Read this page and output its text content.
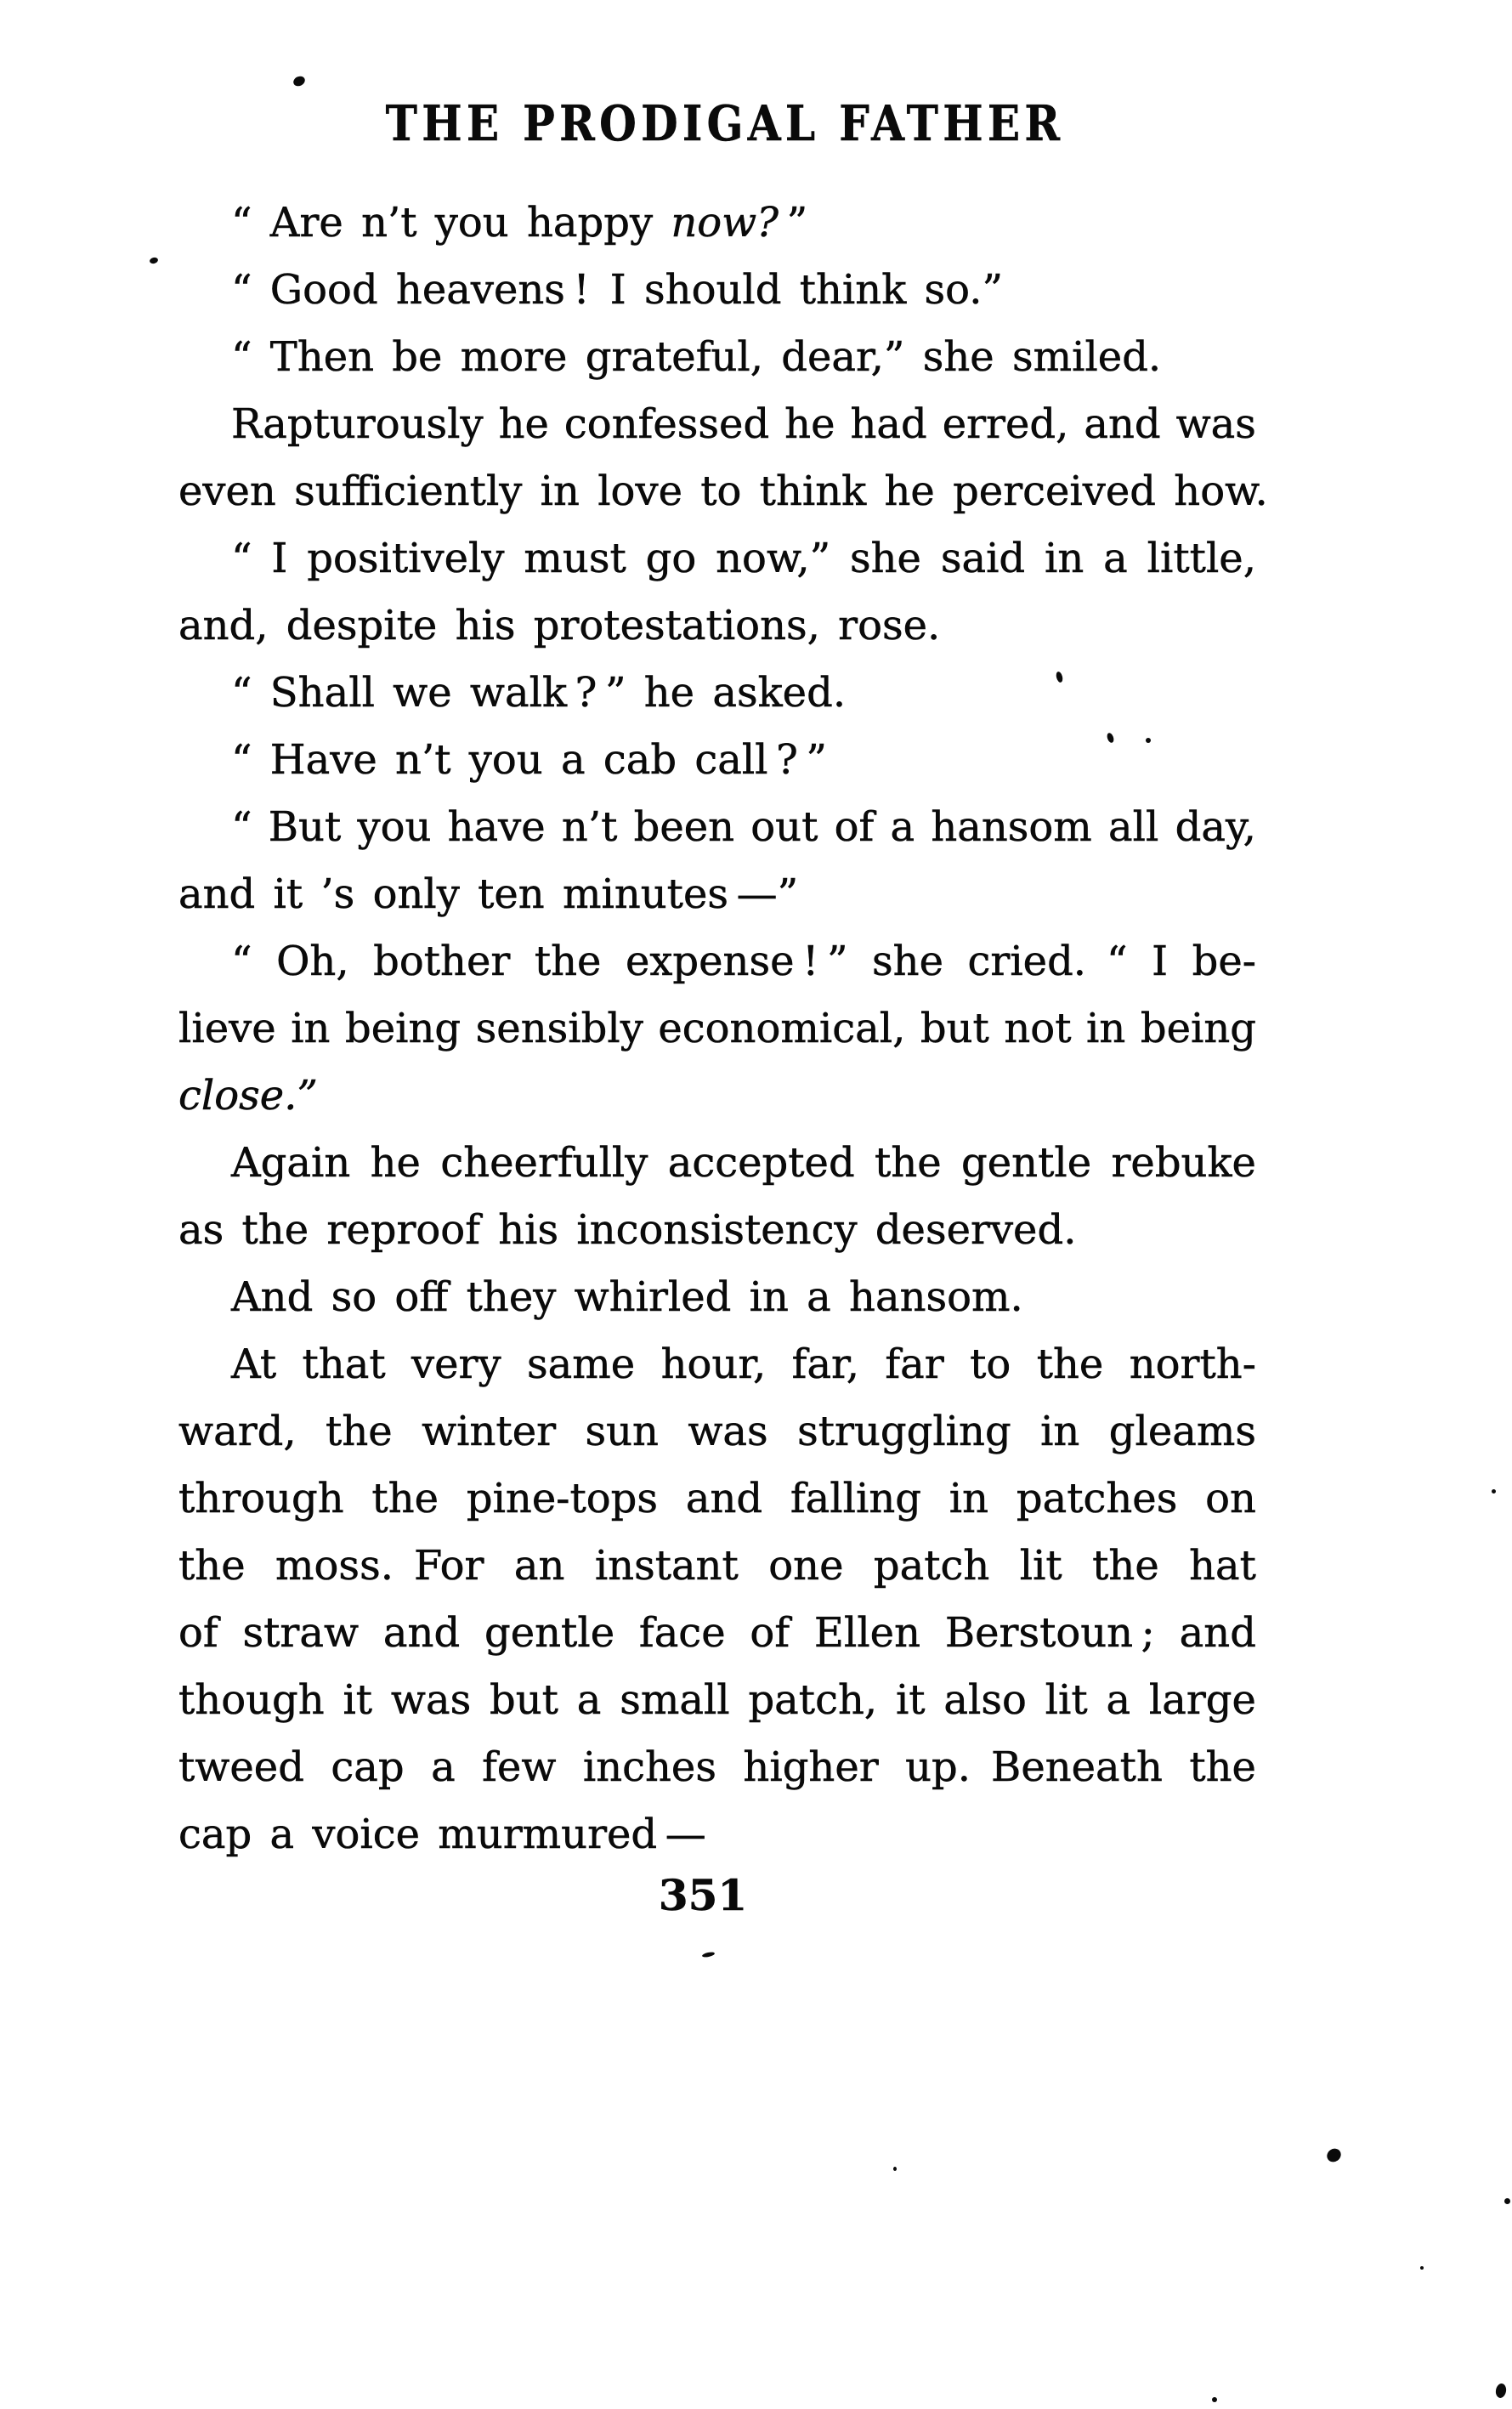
THE PRODIGAL FATHER
“ Are n’t you happy now? ”
“ Good heavens ! I should think so.”
“ Then be more grateful, dear,” she smiled.
Rapturously he confessed he had erred, and was
even sufficiently in love to think he perceived how.
“ I positively must go now,” she said in a little,
and, despite his protestations, rose.
“ Shall we walk ? ” he asked.
“ Have n’t you a cab call ? ”
“ But you have n’t been out of a hansom all day,
and it ’s only ten minutes —”
“ Oh, bother the expense ! ” she cried. “ I be-
lieve in being sensibly economical, but not in being
close.”
Again he cheerfully accepted the gentle rebuke
as the reproof his inconsistency deserved.
And so off they whirled in a hansom.
At that very same hour, far, far to the north-
ward, the winter sun was struggling in gleams
through the pine-tops and falling in patches on
the moss. For an instant one patch lit the hat
of straw and gentle face of Ellen Berstoun ; and
though it was but a small patch, it also lit a large
tweed cap a few inches higher up. Beneath the
cap a voice murmured —
351
